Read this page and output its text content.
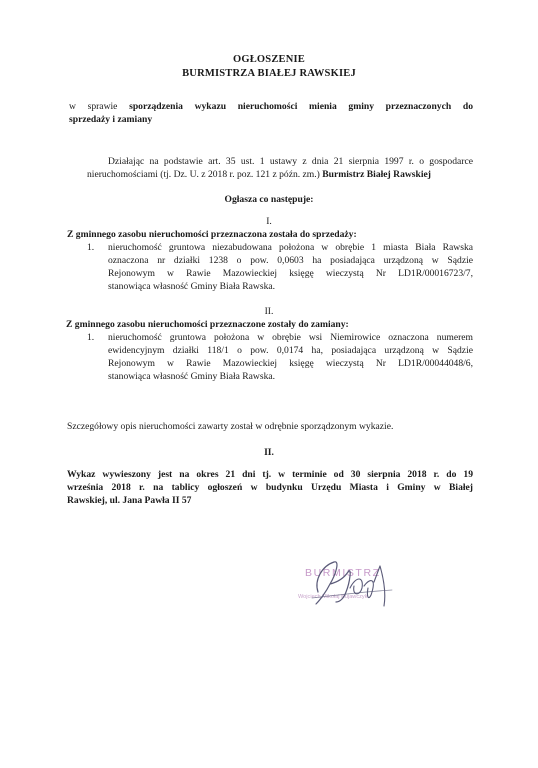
OGŁOSZENIE
BURMISTRZA BIAŁEJ RAWSKIEJ
w sprawie sporządzenia wykazu nieruchomości mienia gminy przeznaczonych do
sprzedaży i zamiany
Działając na podstawie art. 35 ust. 1 ustawy z dnia 21 sierpnia 1997 r. o gospodarce
nieruchomościami (tj. Dz. U. z 2018 r. poz. 121 z późn. zm.) Burmistrz Białej Rawskiej
Ogłasza co następuje:
I.
Z gminnego zasobu nieruchomości przeznaczona została do sprzedaży:
1. nieruchomość gruntowa niezabudowana położona w obrębie 1 miasta Biała Rawska
oznaczona nr działki 1238 o pow. 0,0603 ha posiadająca urządzoną w Sądzie
Rejonowym w Rawie Mazowieckiej księgę wieczystą Nr LD1R/00016723/7,
stanowiąca własność Gminy Biała Rawska.
II.
Z gminnego zasobu nieruchomości przeznaczone zostały do zamiany:
1. nieruchomość gruntowa położona w obrębie wsi Niemirowice oznaczona numerem
ewidencyjnym działki 118/1 o pow. 0,0174 ha, posiadająca urządzoną w Sądzie
Rejonowym w Rawie Mazowieckiej księgę wieczystą Nr LD1R/00044048/6,
stanowiąca własność Gminy Biała Rawska.
Szczegółowy opis nieruchomości zawarty został w odrębnie sporządzonym wykazie.
II.
Wykaz wywieszony jest na okres 21 dni tj. w terminie od 30 sierpnia 2018 r. do 19
września 2018 r. na tablicy ogłoszeń w budynku Urzędu Miasta i Gminy w Białej
Rawskiej, ul. Jana Pawła II 57
BURMISTRZ
Wojciech Mikołaj Kujawczyk
